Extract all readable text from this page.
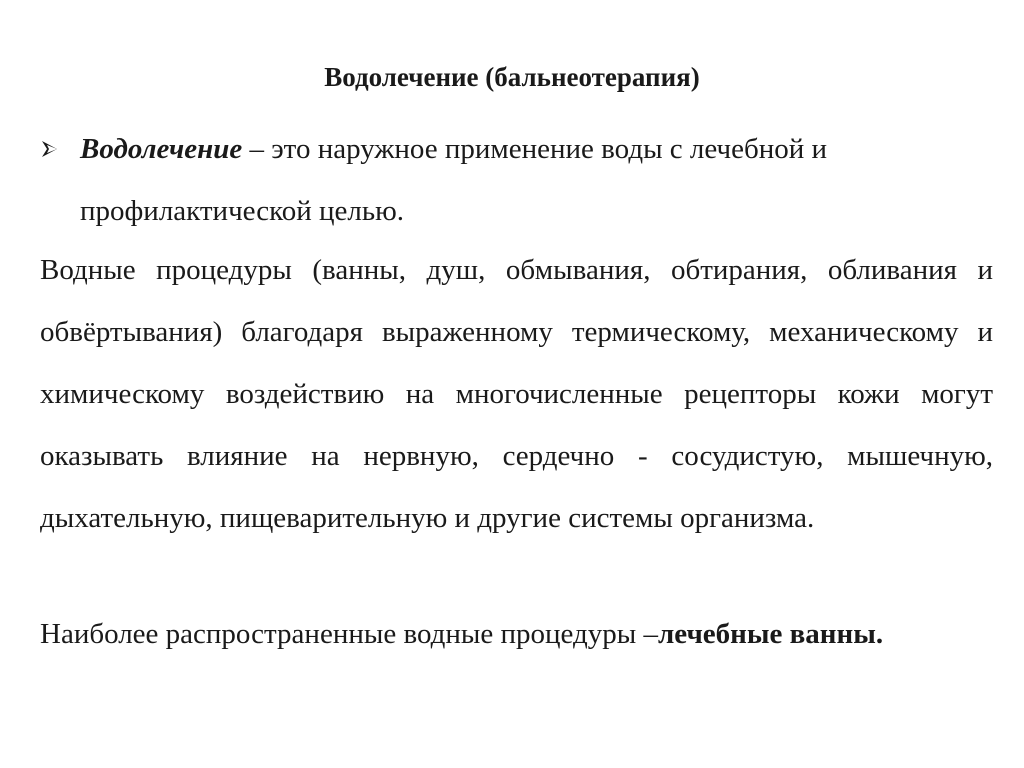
Водолечение (бальнеотерапия)
Водолечение – это наружное применение воды с лечебной и профилактической целью.
Водные процедуры (ванны, душ, обмывания, обтирания, обливания и обвёртывания) благодаря выраженному термическому, механическому и химическому воздействию на многочисленные рецепторы кожи могут оказывать влияние на нервную, сердечно - сосудистую, мышечную, дыхательную, пищеварительную и другие системы организма.
Наиболее распространенные водные процедуры –лечебные ванны.
